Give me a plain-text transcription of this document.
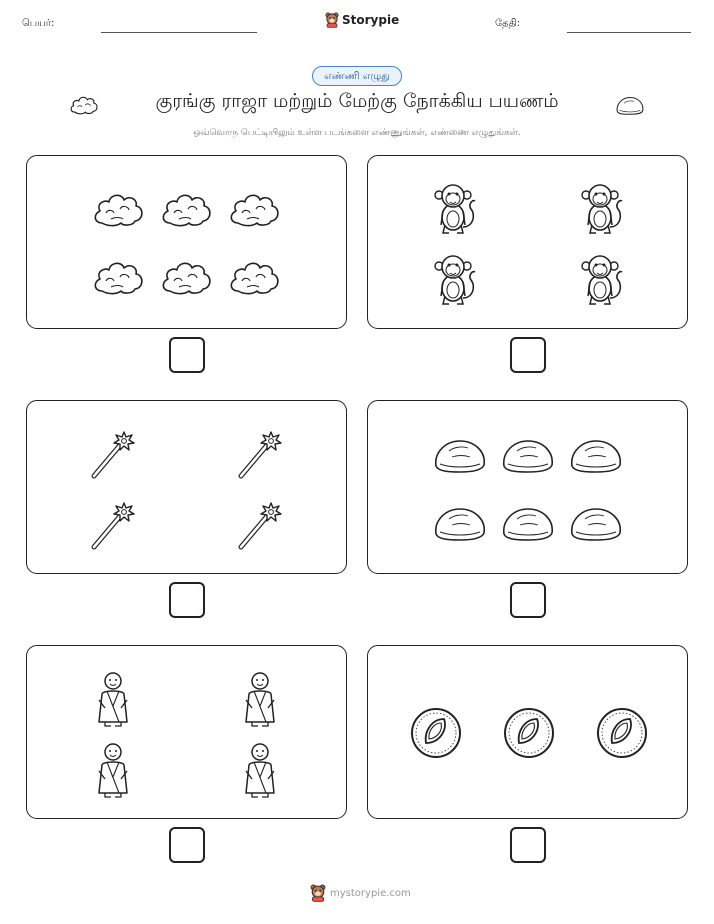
பெயர்:	Storypie	தேதி:
எண்ணி எழுது
குரங்கு ராஜா மற்றும் மேற்கு நோக்கிய பயணம்
ஒவ்வொரு பெட்டியிலும் உள்ள படங்களை எண்ணுங்கள், எண்ணை எழுதுங்கள்.
mystorypie.com
